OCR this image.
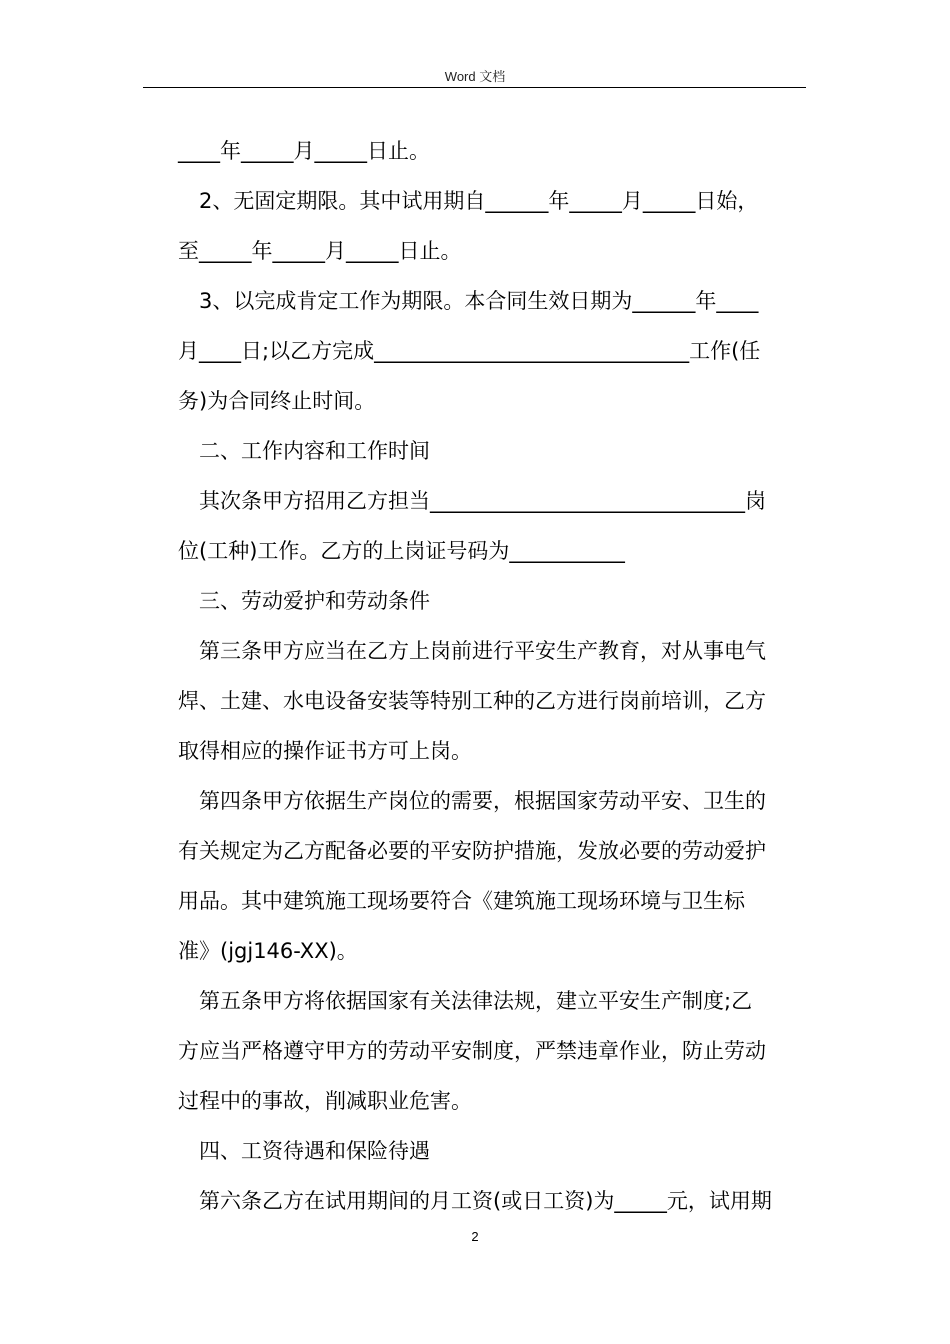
Word 文档
____年_____月_____日止。
2、无固定期限。其中试用期自______年_____月_____日始，
至_____年_____月_____日止。
3、以完成肯定工作为期限。本合同生效日期为______年____
月____日;以乙方完成______________________________工作(任
务)为合同终止时间。
二、工作内容和工作时间
其次条甲方招用乙方担当______________________________岗
位(工种)工作。乙方的上岗证号码为___________
三、劳动爱护和劳动条件
第三条甲方应当在乙方上岗前进行平安生产教育，对从事电气
焊、土建、水电设备安装等特别工种的乙方进行岗前培训，乙方
取得相应的操作证书方可上岗。
第四条甲方依据生产岗位的需要，根据国家劳动平安、卫生的
有关规定为乙方配备必要的平安防护措施，发放必要的劳动爱护
用品。其中建筑施工现场要符合《建筑施工现场环境与卫生标
准》(jgj146-XX)。
第五条甲方将依据国家有关法律法规，建立平安生产制度;乙
方应当严格遵守甲方的劳动平安制度，严禁违章作业，防止劳动
过程中的事故，削减职业危害。
四、工资待遇和保险待遇
第六条乙方在试用期间的月工资(或日工资)为_____元，试用期
2
